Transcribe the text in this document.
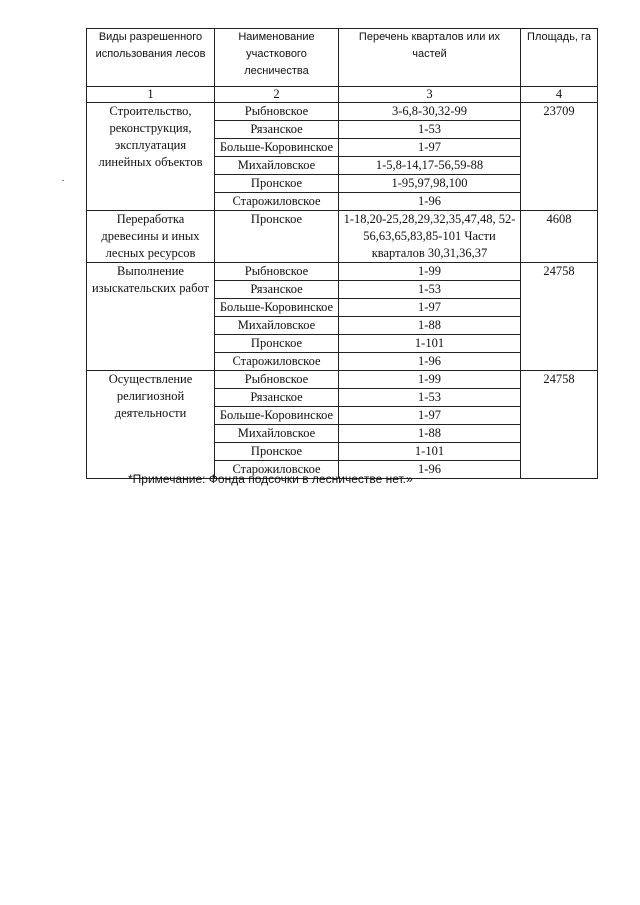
Виды разрешенного использования лесов	Наименование участкового лесничества	Перечень кварталов или их частей	Площадь, га
1	2	3	4
Строительство, реконструкция, эксплуатация линейных объектов	Рыбновское	3-6,8-30,32-99	23709
	Рязанское	1-53	
	Больше-Коровинское	1-97	
	Михайловское	1-5,8-14,17-56,59-88	
	Пронское	1-95,97,98,100	
	Старожиловское	1-96	
Переработка древесины и иных лесных ресурсов	Пронское	1-18,20-25,28,29,32,35,47,48, 52-56,63,65,83,85-101 Части кварталов 30,31,36,37	4608
Выполнение изыскательских работ	Рыбновское	1-99	24758
	Рязанское	1-53	
	Больше-Коровинское	1-97	
	Михайловское	1-88	
	Пронское	1-101	
	Старожиловское	1-96	
Осуществление религиозной деятельности	Рыбновское	1-99	24758
	Рязанское	1-53	
	Больше-Коровинское	1-97	
	Михайловское	1-88	
	Пронское	1-101	
	Старожиловское	1-96	
*Примечание: Фонда подсочки в лесничестве нет.»
